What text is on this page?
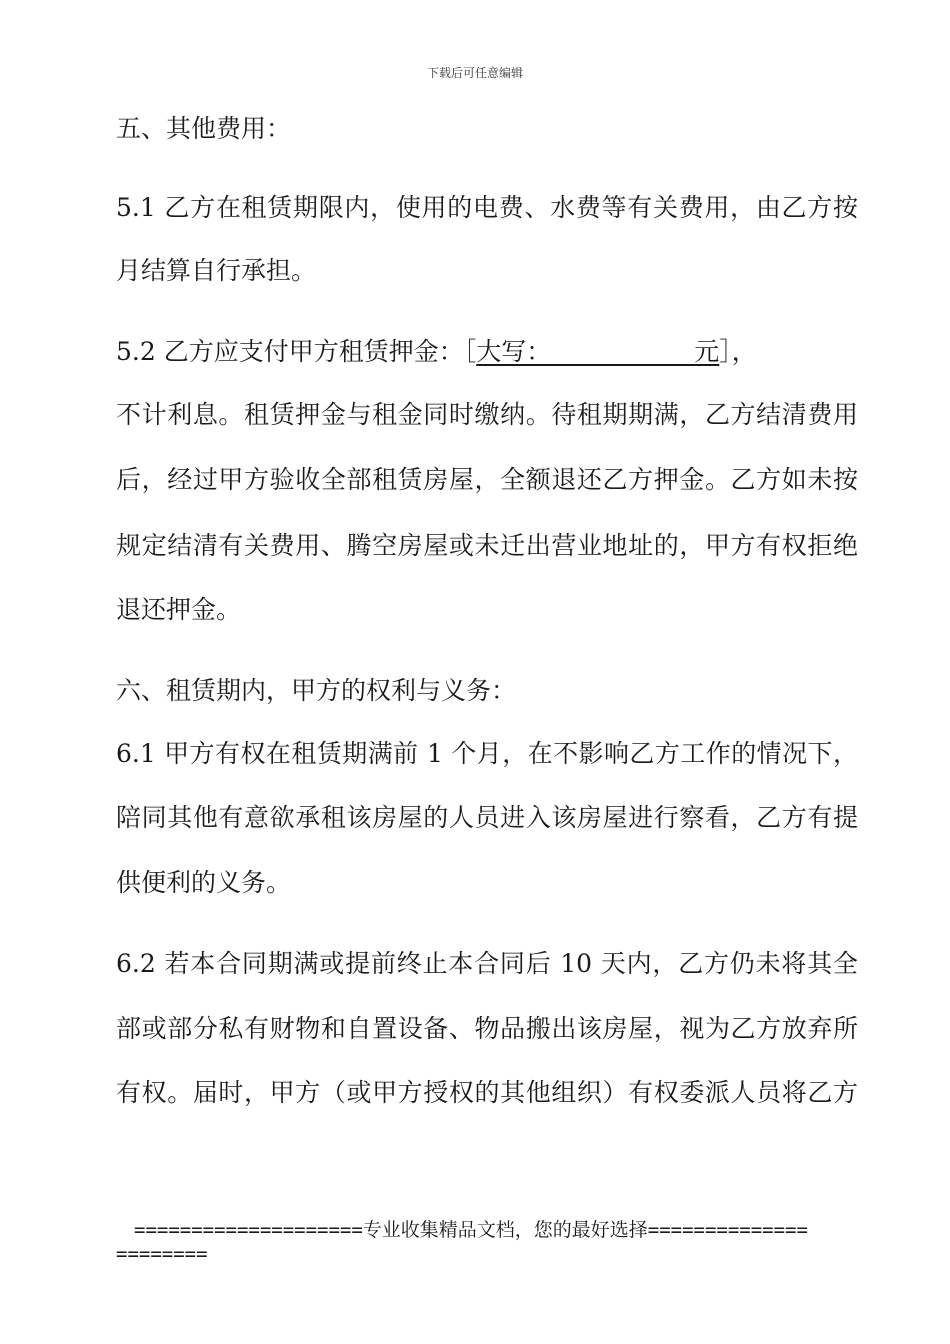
下载后可任意编辑
五、其他费用：
5.1 乙方在租赁期限内，使用的电费、水费等有关费用，由乙方按
月结算自行承担。
5.2 乙方应支付甲方租赁押金：［大写：                  元］，
不计利息。租赁押金与租金同时缴纳。待租期期满，乙方结清费用
后，经过甲方验收全部租赁房屋，全额退还乙方押金。乙方如未按
规定结清有关费用、腾空房屋或未迁出营业地址的，甲方有权拒绝
退还押金。
六、租赁期内，甲方的权利与义务：
6.1 甲方有权在租赁期满前 1 个月，在不影响乙方工作的情况下，
陪同其他有意欲承租该房屋的人员进入该房屋进行察看，乙方有提
供便利的义务。
6.2 若本合同期满或提前终止本合同后 10 天内，乙方仍未将其全
部或部分私有财物和自置设备、物品搬出该房屋，视为乙方放弃所
有权。届时，甲方（或甲方授权的其他组织）有权委派人员将乙方
====================专业收集精品文档，您的最好选择==============
========
